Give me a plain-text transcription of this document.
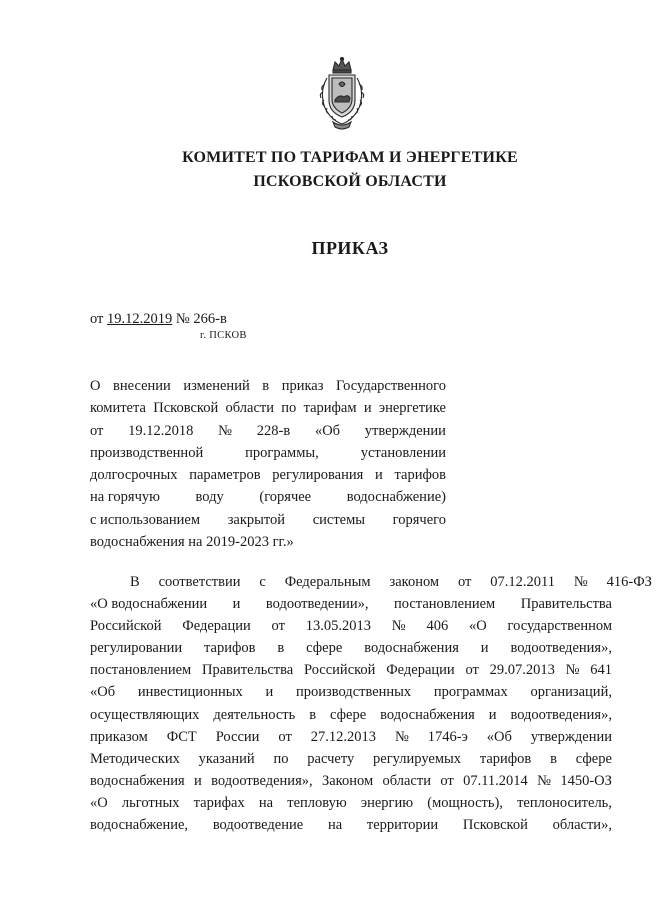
КОМИТЕТ ПО ТАРИФАМ И ЭНЕРГЕТИКЕ
ПСКОВСКОЙ ОБЛАСТИ
ПРИКАЗ
от 19.12.2019 № 266-в
г. ПСКОВ
О внесении изменений в приказ Государственного
комитета Псковской области по тарифам и энергетике
от 19.12.2018 № 228-в «Об утверждении
производственной	программы,	установлении
долгосрочных параметров регулирования и тарифов
на горячую воду (горячее водоснабжение)
с использованием закрытой системы горячего
водоснабжения на 2019-2023 гг.»
В соответствии с Федеральным законом от 07.12.2011 № 416-ФЗ
«О водоснабжении и водоотведении», постановлением Правительства
Российской Федерации от 13.05.2013 № 406 «О государственном
регулировании тарифов в сфере водоснабжения и водоотведения»,
постановлением Правительства Российской Федерации от 29.07.2013 № 641
«Об инвестиционных и производственных программах организаций,
осуществляющих деятельность в сфере водоснабжения и водоотведения»,
приказом ФСТ России от 27.12.2013 № 1746-э «Об утверждении
Методических указаний по расчету регулируемых тарифов в сфере
водоснабжения и водоотведения», Законом области от 07.11.2014 № 1450-ОЗ
«О льготных тарифах на тепловую энергию (мощность), теплоноситель,
водоснабжение, водоотведение на территории Псковской области»,
